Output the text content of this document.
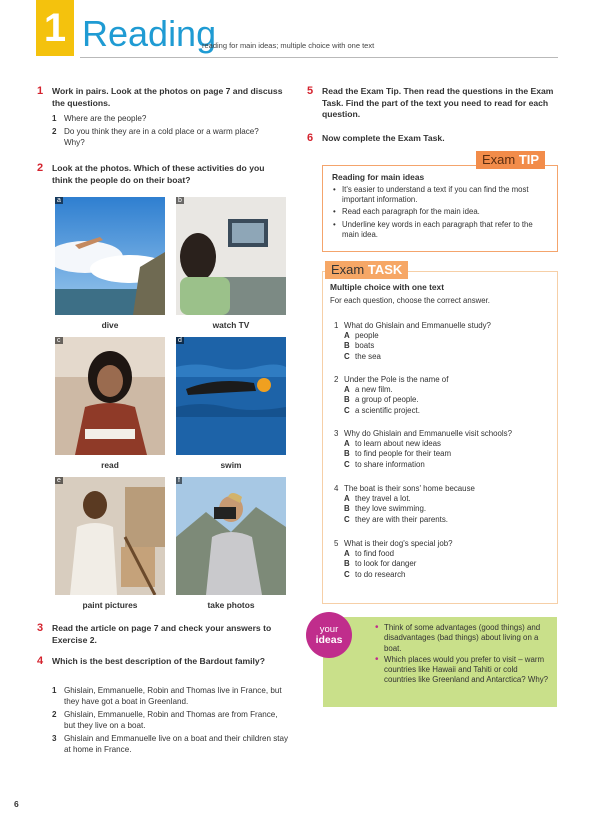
1 Reading
reading for main ideas; multiple choice with one text
1 Work in pairs. Look at the photos on page 7 and discuss the questions.
1 Where are the people?
2 Do you think they are in a cold place or a warm place? Why?
2 Look at the photos. Which of these activities do you think the people do on their boat?
a
dive
b
watch TV
c
read
d
swim
e
paint pictures
f
take photos
3 Read the article on page 7 and check your answers to Exercise 2.
4 Which is the best description of the Bardout family?
1 Ghislain, Emmanuelle, Robin and Thomas live in France, but they have got a boat in Greenland.
2 Ghislain, Emmanuelle, Robin and Thomas are from France, but they live on a boat.
3 Ghislain and Emmanuelle live on a boat and their children stay at home in France.
5 Read the Exam Tip. Then read the questions in the Exam Task. Find the part of the text you need to read for each question.
6 Now complete the Exam Task.
Reading for main ideas
• It's easier to understand a text if you can find the most important information.
• Read each paragraph for the main idea.
• Underline key words in each paragraph that refer to the main idea.
Exam TIP
Multiple choice with one text
For each question, choose the correct answer.
1 What do Ghislain and Emmanuelle study?
A people
B boats
C the sea
2 Under the Pole is the name of
A a new film.
B a group of people.
C a scientific project.
3 Why do Ghislain and Emmanuelle visit schools?
A to learn about new ideas
B to find people for their team
C to share information
4 The boat is their sons' home because
A they travel a lot.
B they love swimming.
C they are with their parents.
5 What is their dog's special job?
A to find food
B to look for danger
C to do research
Exam TASK
• Think of some advantages (good things) and disadvantages (bad things) about living on a boat.
• Which places would you prefer to visit – warm countries like Hawaii and Tahiti or cold countries like Greenland and Antarctica? Why?
your
ideas
6
